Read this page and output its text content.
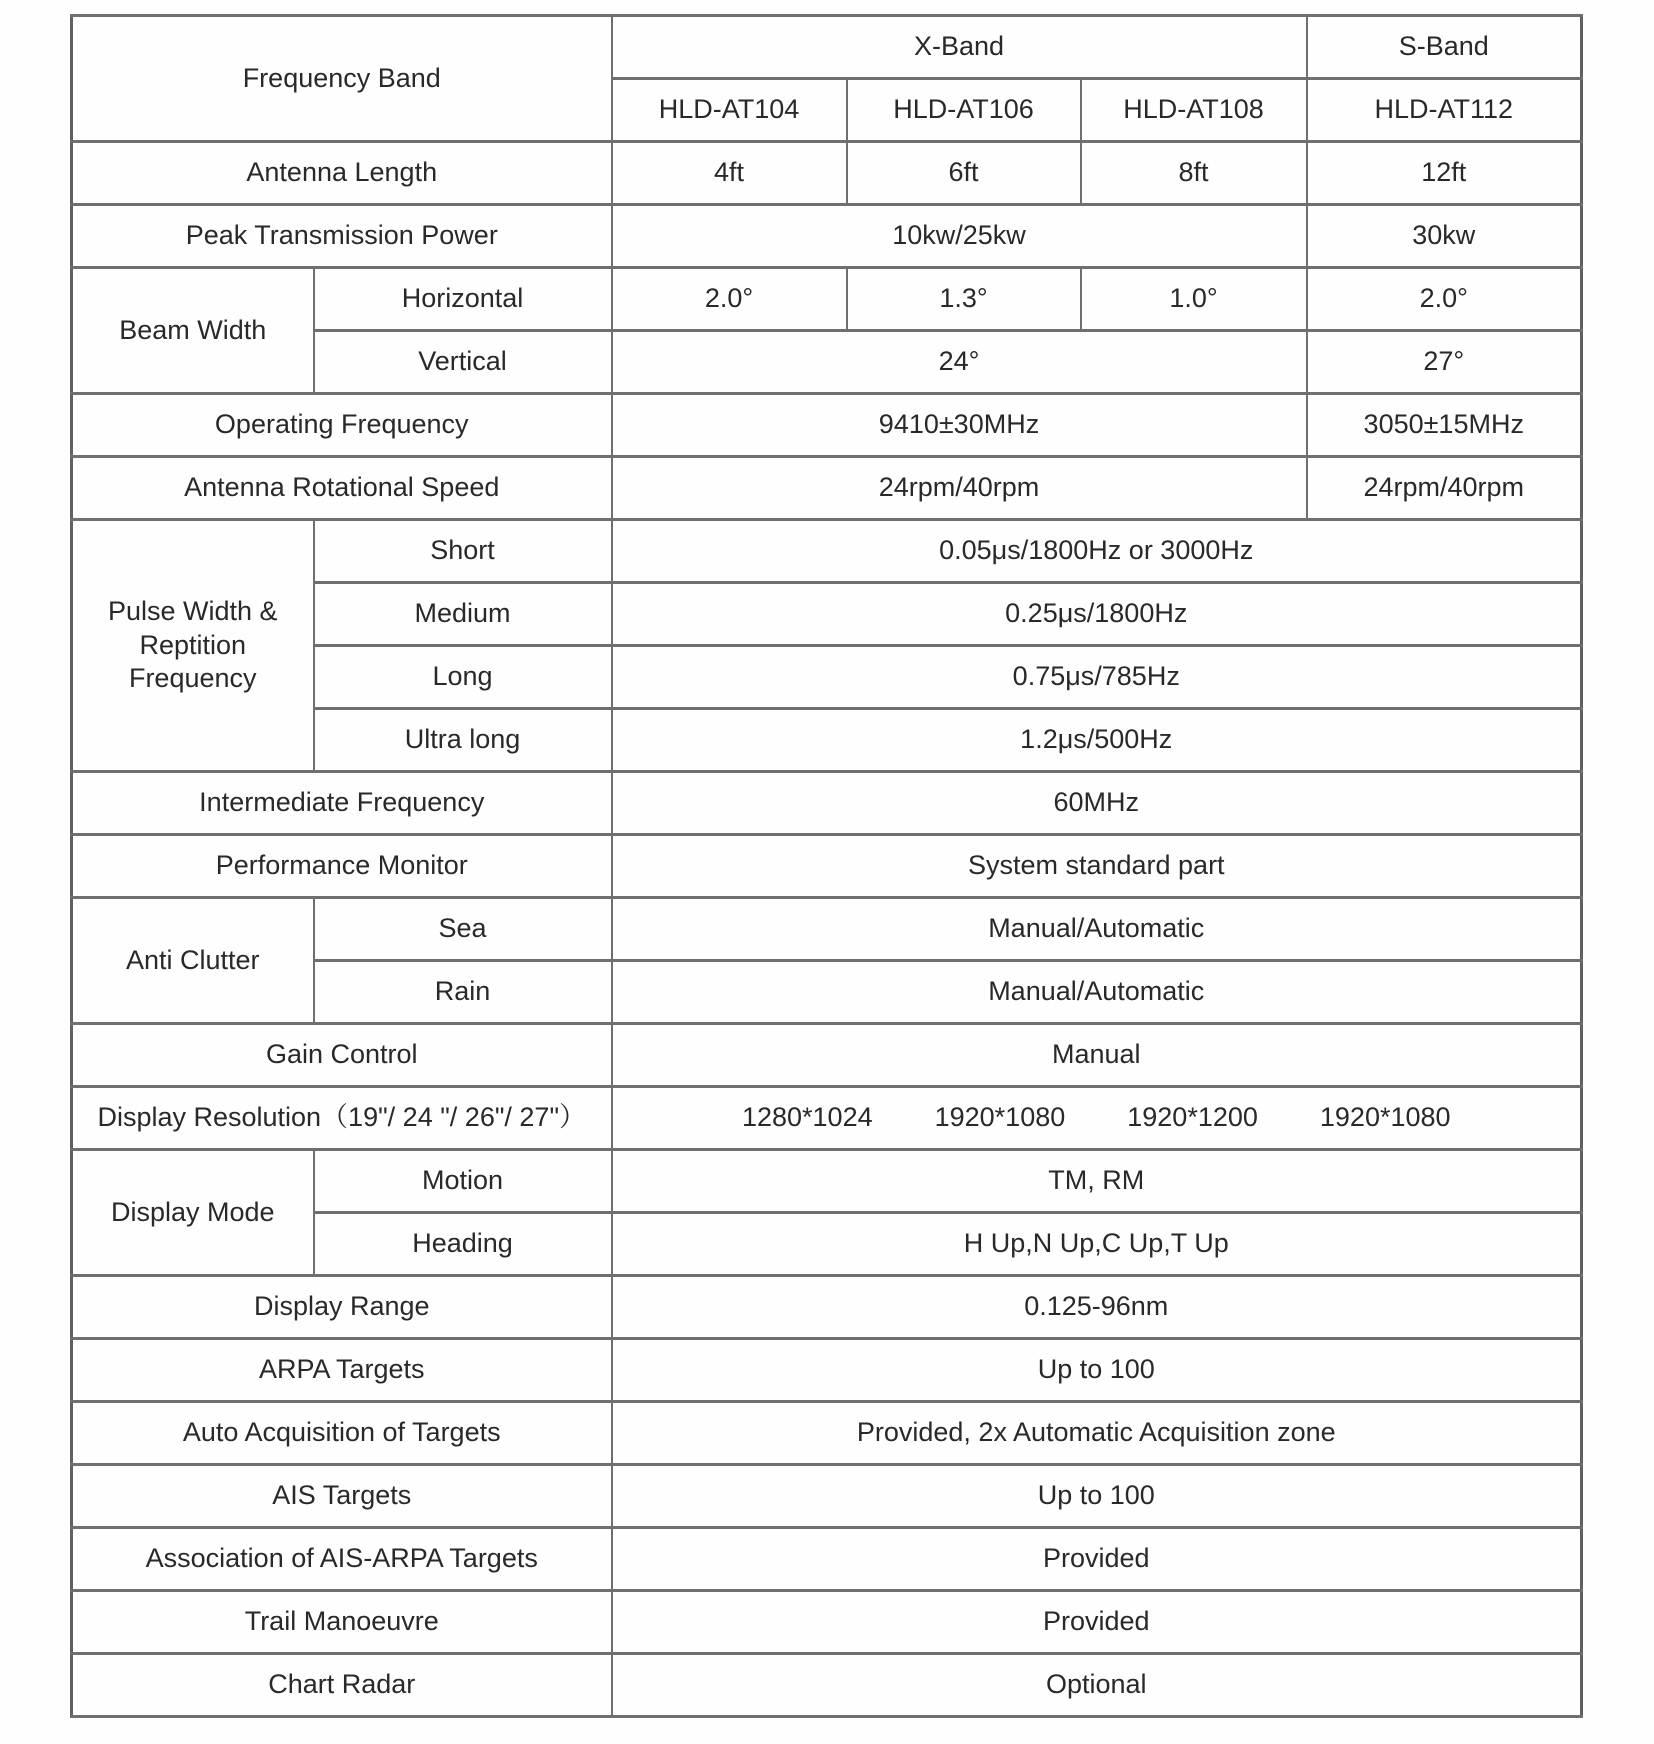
Frequency Band		X-Band			S-Band
		HLD-AT104	HLD-AT106	HLD-AT108	HLD-AT112
Antenna Length		4ft	6ft	8ft	12ft
Peak Transmission Power		10kw/25kw			30kw
Beam Width	Horizontal	2.0°	1.3°	1.0°	2.0°
	Vertical	24°			27°
Operating Frequency		9410±30MHz			3050±15MHz
Antenna Rotational Speed		24rpm/40rpm			24rpm/40rpm
Pulse Width & Reptition Frequency	Short	0.05μs/1800Hz or 3000Hz			
	Medium	0.25μs/1800Hz			
	Long	0.75μs/785Hz			
	Ultra long	1.2μs/500Hz			
Intermediate Frequency		60MHz			
Performance Monitor		System standard part			
Anti Clutter	Sea	Manual/Automatic			
	Rain	Manual/Automatic			
Gain Control		Manual			
Display Resolution（19"/ 24 "/ 26"/ 27"）		1280*1024 1920*1080 1920*1200 1920*1080			

Display Mode	Motion	TM, RM			
	Heading	H Up,N Up,C Up,T Up			
Display Range		0.125-96nm			
ARPA Targets		Up to 100			
Auto Acquisition of Targets		Provided, 2x Automatic Acquisition zone			
AIS Targets		Up to 100			
Association of AIS-ARPA Targets		Provided			
Trail Manoeuvre		Provided			
Chart Radar		Optional			
